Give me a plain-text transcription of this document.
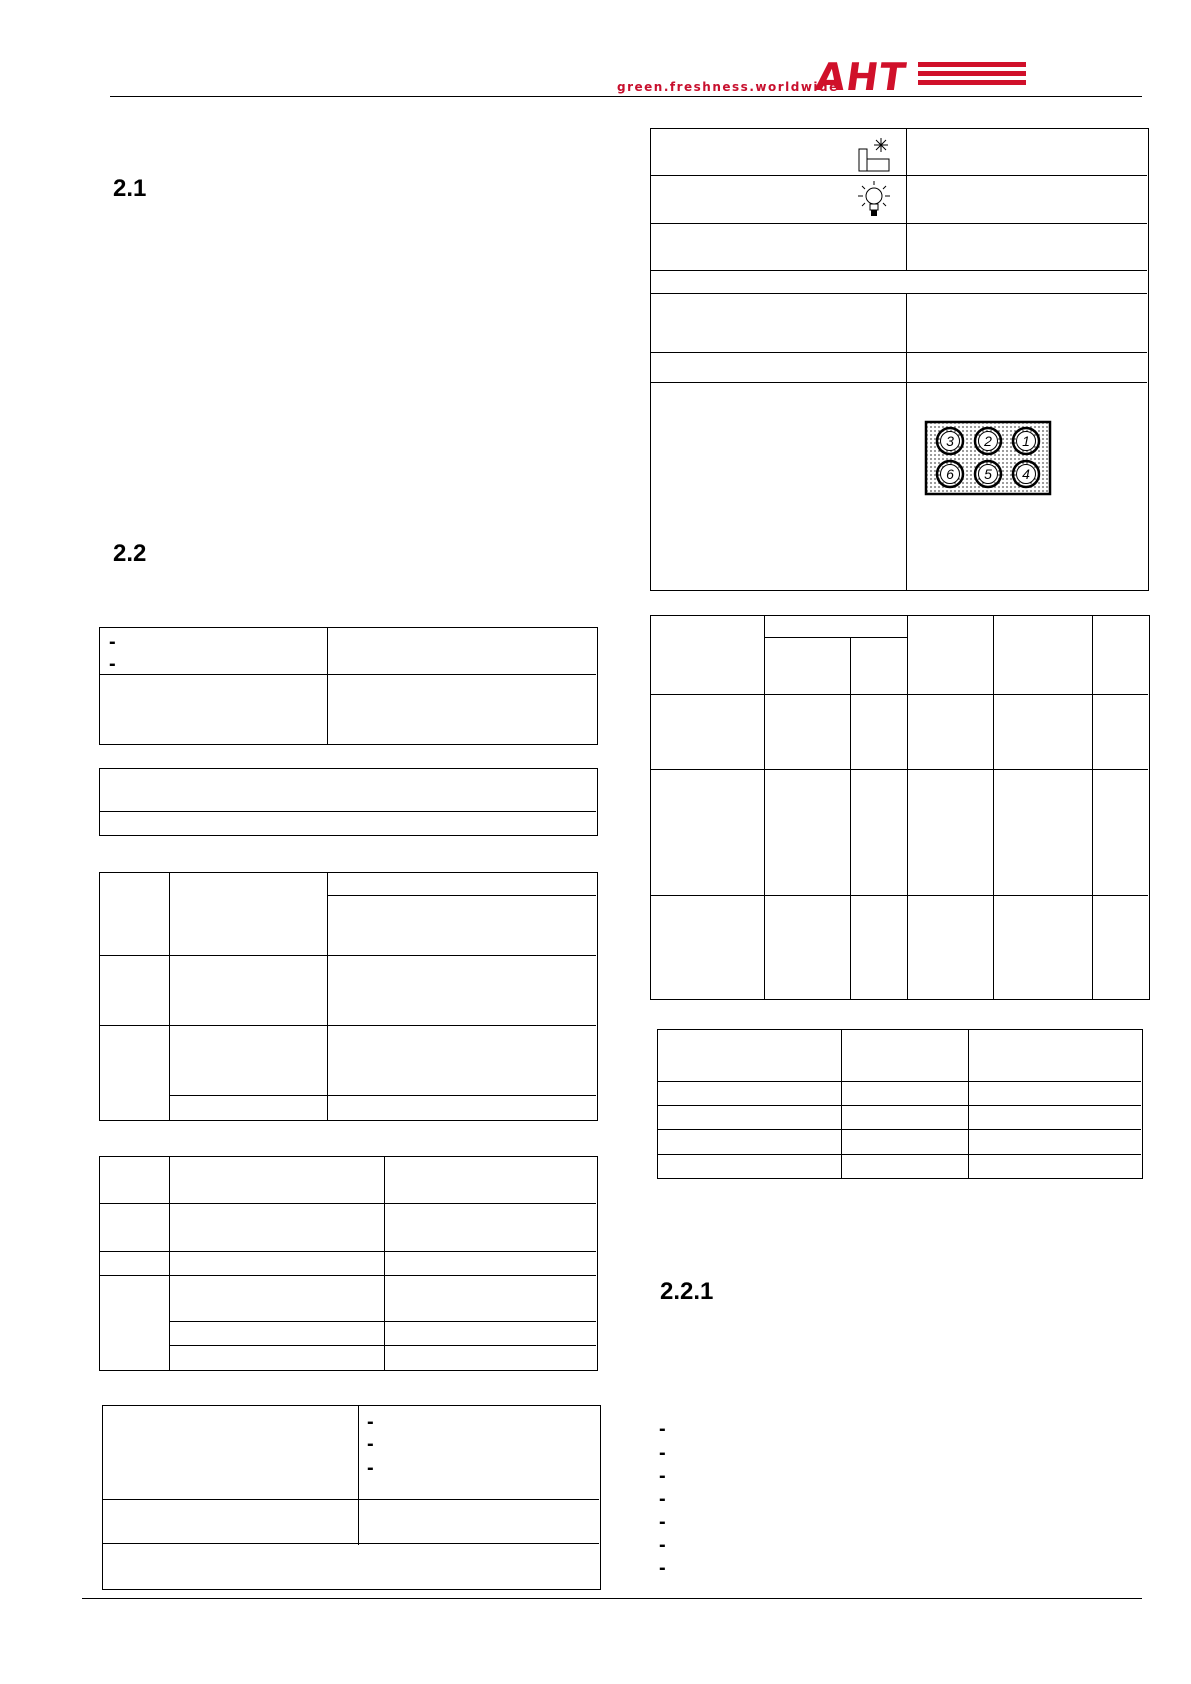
green.freshness.worldwide
AHT
2.1
2.2
-
-
-
-
-
3 2 1
6 5 4
2.2.1
-
-
-
-
-
-
-
